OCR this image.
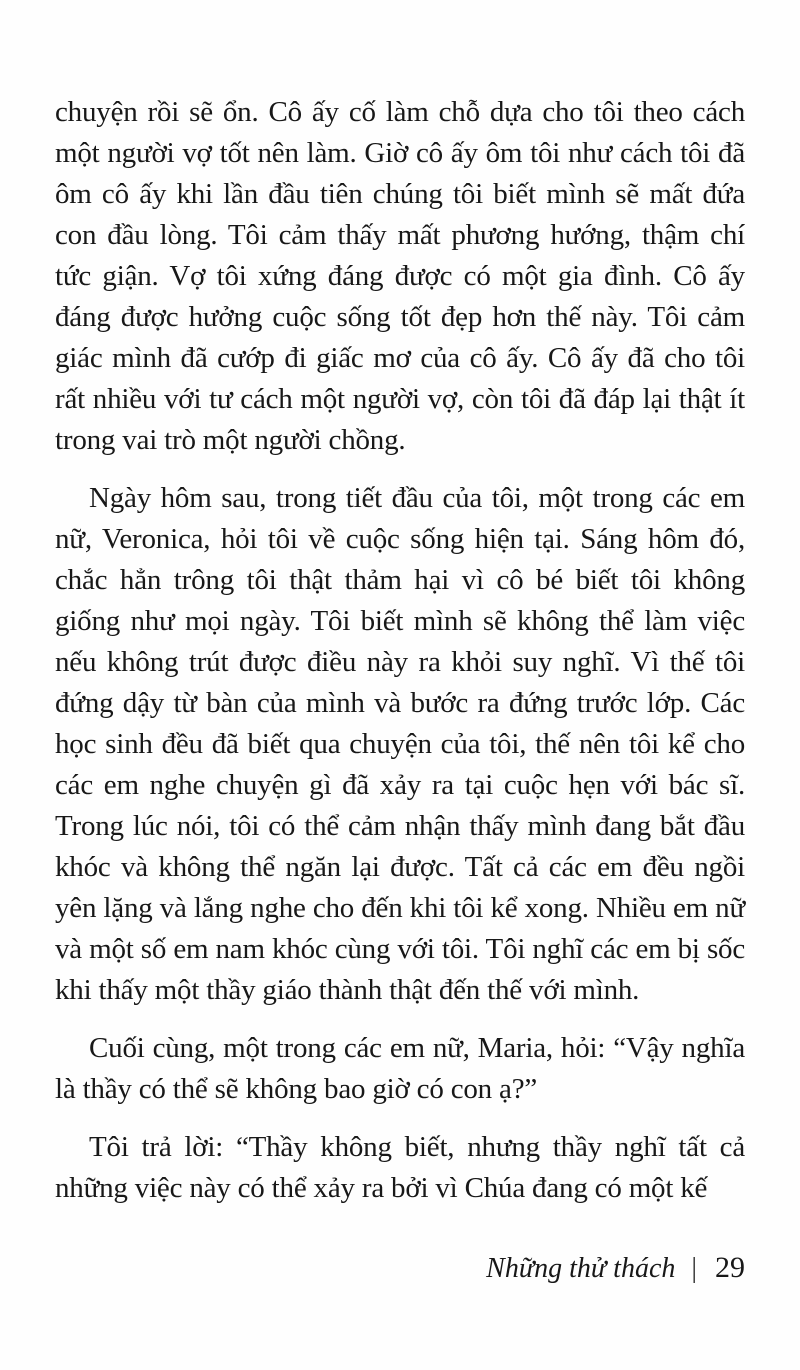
chuyện rồi sẽ ổn. Cô ấy cố làm chỗ dựa cho tôi theo cách một người vợ tốt nên làm. Giờ cô ấy ôm tôi như cách tôi đã ôm cô ấy khi lần đầu tiên chúng tôi biết mình sẽ mất đứa con đầu lòng. Tôi cảm thấy mất phương hướng, thậm chí tức giận. Vợ tôi xứng đáng được có một gia đình. Cô ấy đáng được hưởng cuộc sống tốt đẹp hơn thế này. Tôi cảm giác mình đã cướp đi giấc mơ của cô ấy. Cô ấy đã cho tôi rất nhiều với tư cách một người vợ, còn tôi đã đáp lại thật ít trong vai trò một người chồng.

Ngày hôm sau, trong tiết đầu của tôi, một trong các em nữ, Veronica, hỏi tôi về cuộc sống hiện tại. Sáng hôm đó, chắc hẳn trông tôi thật thảm hại vì cô bé biết tôi không giống như mọi ngày. Tôi biết mình sẽ không thể làm việc nếu không trút được điều này ra khỏi suy nghĩ. Vì thế tôi đứng dậy từ bàn của mình và bước ra đứng trước lớp. Các học sinh đều đã biết qua chuyện của tôi, thế nên tôi kể cho các em nghe chuyện gì đã xảy ra tại cuộc hẹn với bác sĩ. Trong lúc nói, tôi có thể cảm nhận thấy mình đang bắt đầu khóc và không thể ngăn lại được. Tất cả các em đều ngồi yên lặng và lắng nghe cho đến khi tôi kể xong. Nhiều em nữ và một số em nam khóc cùng với tôi. Tôi nghĩ các em bị sốc khi thấy một thầy giáo thành thật đến thế với mình.

Cuối cùng, một trong các em nữ, Maria, hỏi: “Vậy nghĩa là thầy có thể sẽ không bao giờ có con ạ?”

Tôi trả lời: “Thầy không biết, nhưng thầy nghĩ tất cả những việc này có thể xảy ra bởi vì Chúa đang có một kế

Những thử thách | 29
